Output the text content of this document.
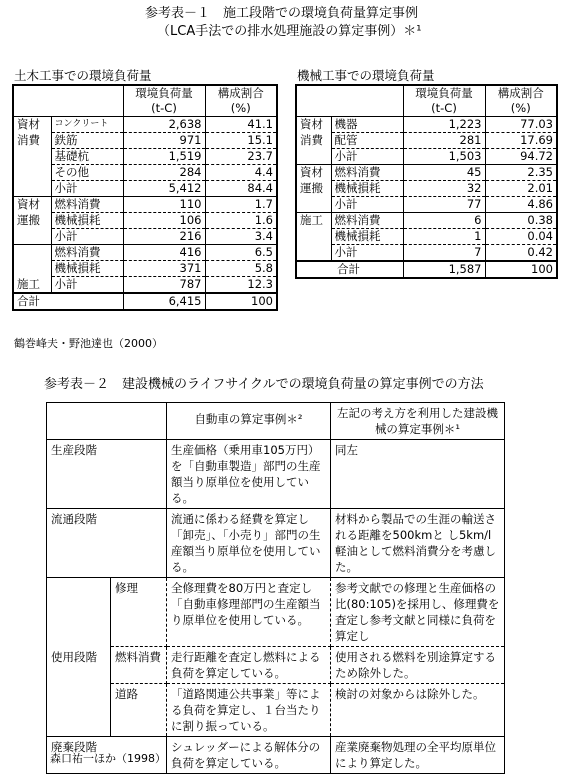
参考表－１　施工段階での環境負荷量算定事例
（LCA手法での排水処理施設の算定事例）＊¹
土木工事での環境負荷量	機械工事での環境負荷量
		環境負荷量	構成割合
		(t-C)	(%)
資材	コンクリート	2,638	41.1
消費	鉄筋	971	15.1
	基礎杭	1,519	23.7
	その他	284	4.4
	小計	5,412	84.4
資材	燃料消費	110	1.7
運搬	機械損耗	106	1.6
	小計	216	3.4
	燃料消費	416	6.5
	機械損耗	371	5.8
施工	小計	787	12.3
合計		6,415	100
鶴巻峰夫・野池達也（2000）
		環境負荷量	構成割合
		(t-C)	(%)
資材	機器	1,223	77.03
消費	配管	281	17.69
	小計	1,503	94.72
資材	燃料消費	45	2.35
運搬	機械損耗	32	2.01
	小計	77	4.86
施工	燃料消費	6	0.38
	機械損耗	1	0.04
	小計	7	0.42
合計		1,587	100
参考表－２　建設機械のライフサイクルでの環境負荷量の算定事例での方法
		自動車の算定事例＊²	左記の考え方を利用した建設機械の算定事例＊¹
生産段階		生産価格（乗用車105万円）を「自動車製造」部門の生産額当り原単位を使用している。	同左
流通段階		流通に係わる経費を算定し「卸売」、「小売り」部門の生産額当り原単位を使用している。	材料から製品での生涯の輸送される距離を500kmと し5km/l軽油として燃料消費分を考慮した。
使用段階	修理	全修理費を80万円と査定し「自動車修理部門の生産額当り原単位を使用している。	参考文献での修理と生産価格の比(80:105)を採用し、修理費を査定し参考文献と同様に負荷を算定し
	燃料消費	走行距離を査定し燃料による負荷を算定している。	使用される燃料を別途算定するため除外した。
	道路	「道路関連公共事業」等による負荷を算定し、１台当たりに割り振っている。	検討の対象からは除外した。
廃棄段階		シュレッダーによる解体分の負荷を算定している。	産業廃棄物処理の全平均原単位により算定した。
森口祐一ほか（1998）
